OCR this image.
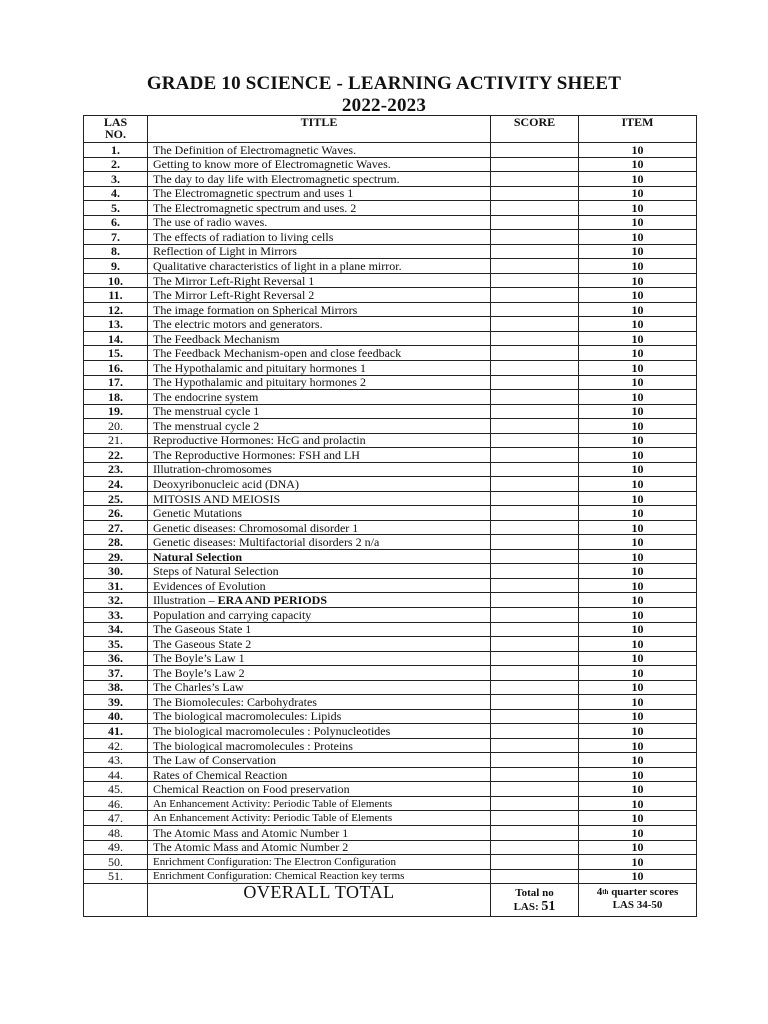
GRADE 10 SCIENCE - LEARNING ACTIVITY SHEET
2022-2023
LAS
NO.	TITLE	SCORE	ITEM
1.	The Definition of Electromagnetic Waves.		10
2.	Getting to know more of Electromagnetic Waves.		10
3.	The day to day life with Electromagnetic spectrum.		10
4.	The Electromagnetic spectrum and uses 1		10
5.	The Electromagnetic spectrum and uses. 2		10
6.	The use of radio waves.		10
7.	The effects of radiation to living cells		10
8.	Reflection of Light in Mirrors		10
9.	Qualitative characteristics of light in a plane mirror.		10
10.	The Mirror Left-Right Reversal 1		10
11.	The Mirror Left-Right Reversal 2		10
12.	The image formation on Spherical Mirrors		10
13.	The electric motors and generators.		10
14.	The Feedback Mechanism		10
15.	The Feedback Mechanism-open and close feedback		10
16.	The Hypothalamic and pituitary hormones 1		10
17.	The Hypothalamic and pituitary hormones 2		10
18.	The endocrine system		10
19.	The menstrual cycle 1		10
20.	The menstrual cycle 2		10
21.	Reproductive Hormones: HcG and prolactin		10
22.	The Reproductive Hormones: FSH and LH		10
23.	Illutration-chromosomes		10
24.	Deoxyribonucleic acid (DNA)		10
25.	MITOSIS AND MEIOSIS		10
26.	Genetic Mutations		10
27.	Genetic diseases: Chromosomal disorder 1		10
28.	Genetic diseases: Multifactorial disorders 2 n/a		10
29.	Natural Selection		10
30.	Steps of Natural Selection		10
31.	Evidences of Evolution		10
32.	Illustration – ERA AND PERIODS		10
33.	Population and carrying capacity		10
34.	The Gaseous State 1		10
35.	The Gaseous State 2		10
36.	The Boyle’s Law 1		10
37.	The Boyle’s Law 2		10
38.	The Charles’s Law		10
39.	The Biomolecules: Carbohydrates		10
40.	The biological macromolecules: Lipids		10
41.	The biological macromolecules : Polynucleotides		10
42.	The biological macromolecules : Proteins		10
43.	The Law of Conservation		10
44.	Rates of Chemical Reaction		10
45.	Chemical Reaction on Food preservation		10
46.	An Enhancement Activity: Periodic Table of Elements		10
47.	An Enhancement Activity: Periodic Table of Elements		10
48.	The Atomic Mass and Atomic Number 1		10
49.	The Atomic Mass and Atomic Number 2		10
50.	Enrichment Configuration: The Electron Configuration		10
51.	Enrichment Configuration: Chemical Reaction key terms		10
	OVERALL TOTAL	Total no
LAS: 51	4th quarter scores
LAS 34-50
